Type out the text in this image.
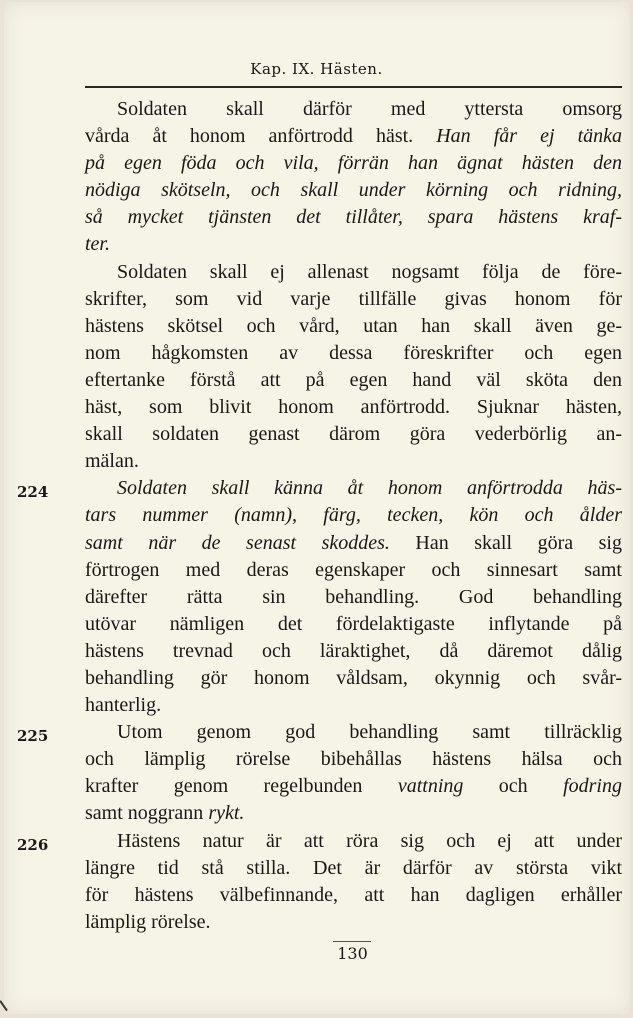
Kap. IX. Hästen.
Soldaten skall därför med yttersta omsorg
vårda åt honom anförtrodd häst. Han får ej tänka
på egen föda och vila, förrän han ägnat hästen den
nödiga skötseln, och skall under körning och ridning,
så mycket tjänsten det tillåter, spara hästens kraf-
ter.
Soldaten skall ej allenast nogsamt följa de före-
skrifter, som vid varje tillfälle givas honom för
hästens skötsel och vård, utan han skall även ge-
nom hågkomsten av dessa föreskrifter och egen
eftertanke förstå att på egen hand väl sköta den
häst, som blivit honom anförtrodd. Sjuknar hästen,
skall soldaten genast därom göra vederbörlig an-
mälan.
224	Soldaten skall känna åt honom anförtrodda häs-
tars nummer (namn), färg, tecken, kön och ålder
samt när de senast skoddes. Han skall göra sig
förtrogen med deras egenskaper och sinnesart samt
därefter rätta sin behandling. God behandling
utövar nämligen det fördelaktigaste inflytande på
hästens trevnad och läraktighet, då däremot dålig
behandling gör honom våldsam, okynnig och svår-
hanterlig.
225	Utom genom god behandling samt tillräcklig
och lämplig rörelse bibehållas hästens hälsa och
krafter genom regelbunden vattning och fodring
samt noggrann rykt.
226	Hästens natur är att röra sig och ej att under
längre tid stå stilla. Det är därför av största vikt
för hästens välbefinnande, att han dagligen erhåller
lämplig rörelse.
130
